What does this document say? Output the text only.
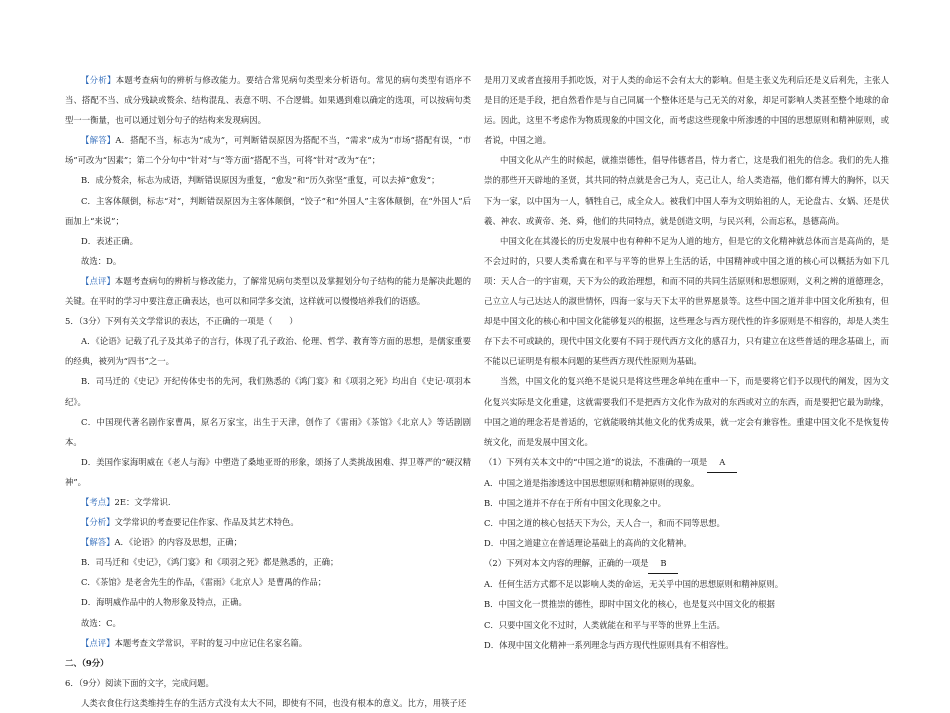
【分析】本题考查病句的辨析与修改能力。要结合常见病句类型来分析语句。常见的病句类型有语序不当、搭配不当、成分残缺或赘余、结构混乱、表意不明、不合逻辑。如果遇到难以确定的选项，可以按病句类型一一衡量，也可以通过划分句子的结构来发现病因。

【解答】A．搭配不当，标志为“成为”，可判断错误原因为搭配不当，“需求”成为“市场”搭配有误，“市场”可改为“因素”；第二个分句中“针对”与“等方面”搭配不当，可将“针对”改为“在”；

B．成分赘余，标志为成语，判断错误原因为重复，“愈发”和“历久弥坚”重复，可以去掉“愈发”；

C．主客体颠倒，标志“对”，判断错误原因为主客体颠倒，“饺子”和“外国人”主客体颠倒，在“外国人”后面加上“来说”；

D．表述正确。

故选：D。

【点评】本题考查病句的辨析与修改能力，了解常见病句类型以及掌握划分句子结构的能力是解决此题的关键。在平时的学习中要注意正确表达，也可以和同学多交流，这样就可以慢慢培养我们的语感。

5．（3分）下列有关文学常识的表达，不正确的一项是（　　）

A．《论语》记载了孔子及其弟子的言行，体现了孔子政治、伦理、哲学、教育等方面的思想，是儒家重要的经典，被列为“四书”之一。

B．司马迁的《史记》开纪传体史书的先河，我们熟悉的《鸿门宴》和《项羽之死》均出自《史记·项羽本纪》。

C．中国现代著名剧作家曹禺，原名万家宝，出生于天津，创作了《雷雨》《茶馆》《北京人》等话剧剧本。

D．美国作家海明威在《老人与海》中塑造了桑地亚哥的形象，颂扬了人类挑战困难、捍卫尊严的“硬汉精神”。

【考点】2E：文学常识.

【分析】文学常识的考查要记住作家、作品及其艺术特色。

【解答】A．《论语》的内容及思想，正确；

B．司马迁和《史记》，《鸿门宴》和《项羽之死》都是熟悉的，正确；

C．《茶馆》是老舍先生的作品，《雷雨》《北京人》是曹禺的作品；

D．海明威作品中的人物形象及特点，正确。

故选：C。

【点评】本题考查文学常识，平时的复习中应记住名家名篇。

二、（9分）

6．（9分）阅读下面的文字，完成问题。

人类衣食住行这类维持生存的生活方式没有太大不同，即使有不同，也没有根本的意义。比方，用筷子还

是用刀叉或者直接用手抓吃饭，对于人类的命运不会有太大的影响。但是主张义先利后还是义后利先，主张人是目的还是手段，把自然看作是与自己同属一个整体还是与己无关的对象，却足可影响人类甚至整个地球的命运。因此，这里不考虑作为物质现象的中国文化，而考虑这些现象中所渗透的中国的思想原则和精神原则，或者说，中国之道。

中国文化从产生的时候起，就推崇德性，倡导伟德者昌，恃力者亡，这是我们祖先的信念。我们的先人推崇的那些开天辟地的圣贤，其共同的特点就是舍己为人，克己让人，给人类造福，他们都有博大的胸怀，以天下为一家，以中国为一人，牺牲自己，成全众人。被我们中国人奉为文明始祖的人，无论盘古、女娲、还是伏羲、神农、或黄帝、尧、舜，他们的共同特点，就是创造文明，与民兴利，公而忘私，恳德高尚。

中国文化在其漫长的历史发展中也有种种不足为人道的地方，但是它的文化精神就总体而言是高尚的，是不会过时的，只要人类希冀在和平与平等的世界上生活的话，中国精神或中国之道的核心可以概括为如下几项：天人合一的宇宙观，天下为公的政治理想，和而不同的共同生活原则和思想原则，义利之辨的道德理念，己立立人与己达达人的淑世情怀，四海一家与天下太平的世界愿景等。这些中国之道并非中国文化所独有，但却是中国文化的核心和中国文化能够复兴的根据，这些理念与西方现代性的许多原则是不相容的，却是人类生存下去不可或缺的，现代中国文化要有不同于现代西方文化的感召力，只有建立在这些普适的理念基础上，而不能以已证明是有根本问题的某些西方现代性原则为基础。

当然，中国文化的复兴绝不是说只是将这些理念单纯在重申一下，而是要将它们予以现代的阐发，因为文化复兴实际是文化重建，这就需要我们不是把西方文化作为敌对的东西或对立的东西，而是要把它最为助缘，中国之道的理念若是普适的，它就能吸纳其他文化的优秀成果，就一定会有兼容性。重建中国文化不是恢复传统文化，而是发展中国文化。

（1）下列有关本文中的“中国之道”的说法，不准确的一项是 A

A．中国之道是指渗透这中国思想原则和精神原则的现象。

B．中国之道并不存在于所有中国文化现象之中。

C．中国之道的核心包括天下为公，天人合一，和而不同等思想。

D．中国之道建立在普适理论基础上的高尚的文化精神。

（2）下列对本文内容的理解，正确的一项是 B

A．任何生活方式都不足以影响人类的命运，无关乎中国的思想原则和精神原则。

B．中国文化一贯推崇的德性，即时中国文化的核心，也是复兴中国文化的根据

C．只要中国文化不过时，人类就能在和平与平等的世界上生活。

D．体现中国文化精神一系列理念与西方现代性原则具有不相容性。
